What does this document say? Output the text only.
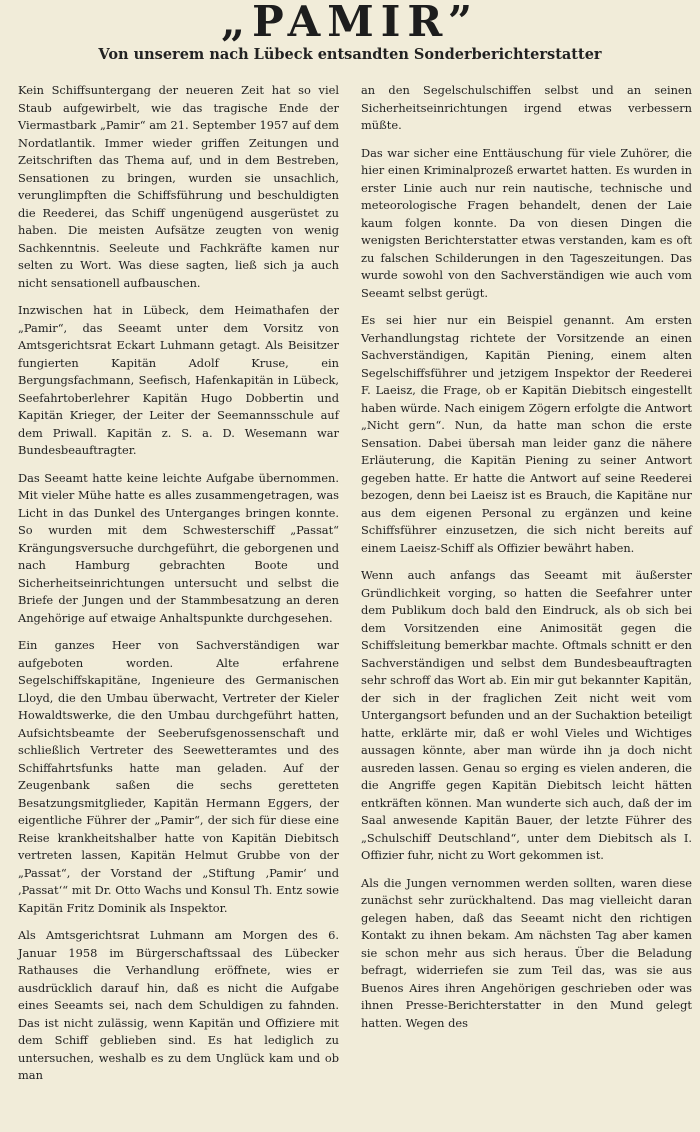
„PAMIR”
Von unserem nach Lübeck entsandten Sonderberichterstatter

Kein Schiffsuntergang der neueren Zeit hat so viel Staub aufgewirbelt, wie das tragische Ende der Viermastbark „Pamir“ am 21. September 1957 auf dem Nordatlantik. Immer wieder griffen Zeitungen und Zeitschriften das Thema auf, und in dem Bestreben, Sensationen zu bringen, wurden sie unsachlich, verunglimpften die Schiffsführung und beschuldigten die Reederei, das Schiff ungenügend ausgerüstet zu haben. Die meisten Aufsätze zeugten von wenig Sachkenntnis. Seeleute und Fachkräfte kamen nur selten zu Wort. Was diese sagten, ließ sich ja auch nicht sensationell aufbauschen.

Inzwischen hat in Lübeck, dem Heimathafen der „Pamir“, das Seeamt unter dem Vorsitz von Amtsgerichtsrat Eckart Luhmann getagt. Als Beisitzer fungierten Kapitän Adolf Kruse, ein Bergungsfachmann, Seefisch, Hafenkapitän in Lübeck, Seefahrtoberlehrer Kapitän Hugo Dobbertin und Kapitän Krieger, der Leiter der Seemannsschule auf dem Priwall. Kapitän z. S. a. D. Wesemann war Bundesbeauftragter.

Das Seeamt hatte keine leichte Aufgabe übernommen. Mit vieler Mühe hatte es alles zusammengetragen, was Licht in das Dunkel des Unterganges bringen konnte. So wurden mit dem Schwesterschiff „Passat“ Krängungsversuche durchgeführt, die geborgenen und nach Hamburg gebrachten Boote und Sicherheitseinrichtungen untersucht und selbst die Briefe der Jungen und der Stammbesatzung an deren Angehörige auf etwaige Anhaltspunkte durchgesehen.

Ein ganzes Heer von Sachverständigen war aufgeboten worden. Alte erfahrene Segelschiffskapitäne, Ingenieure des Germanischen Lloyd, die den Umbau überwacht, Vertreter der Kieler Howaldtswerke, die den Umbau durchgeführt hatten, Aufsichtsbeamte der Seeberufsgenossenschaft und schließlich Vertreter des Seewetteramtes und des Schiffahrtsfunks hatte man geladen. Auf der Zeugenbank saßen die sechs geretteten Besatzungsmitglieder, Kapitän Hermann Eggers, der eigentliche Führer der „Pamir“, der sich für diese eine Reise krankheitshalber hatte von Kapitän Diebitsch vertreten lassen, Kapitän Helmut Grubbe von der „Passat“, der Vorstand der „Stiftung ‚Pamir‘ und ‚Passat‘“ mit Dr. Otto Wachs und Konsul Th. Entz sowie Kapitän Fritz Dominik als Inspektor.

Als Amtsgerichtsrat Luhmann am Morgen des 6. Januar 1958 im Bürgerschaftssaal des Lübecker Rathauses die Verhandlung eröffnete, wies er ausdrücklich darauf hin, daß es nicht die Aufgabe eines Seeamts sei, nach dem Schuldigen zu fahnden. Das ist nicht zulässig, wenn Kapitän und Offiziere mit dem Schiff geblieben sind. Es hat lediglich zu untersuchen, weshalb es zu dem Unglück kam und ob man

an den Segelschulschiffen selbst und an seinen Sicherheitseinrichtungen irgend etwas verbessern müßte.

Das war sicher eine Enttäuschung für viele Zuhörer, die hier einen Kriminalprozeß erwartet hatten. Es wurden in erster Linie auch nur rein nautische, technische und meteorologische Fragen behandelt, denen der Laie kaum folgen konnte. Da von diesen Dingen die wenigsten Berichterstatter etwas verstanden, kam es oft zu falschen Schilderungen in den Tageszeitungen. Das wurde sowohl von den Sachverständigen wie auch vom Seeamt selbst gerügt.

Es sei hier nur ein Beispiel genannt. Am ersten Verhandlungstag richtete der Vorsitzende an einen Sachverständigen, Kapitän Piening, einem alten Segelschiffsführer und jetzigem Inspektor der Reederei F. Laeisz, die Frage, ob er Kapitän Diebitsch eingestellt haben würde. Nach einigem Zögern erfolgte die Antwort „Nicht gern“. Nun, da hatte man schon die erste Sensation. Dabei übersah man leider ganz die nähere Erläuterung, die Kapitän Piening zu seiner Antwort gegeben hatte. Er hatte die Antwort auf seine Reederei bezogen, denn bei Laeisz ist es Brauch, die Kapitäne nur aus dem eigenen Personal zu ergänzen und keine Schiffsführer einzusetzen, die sich nicht bereits auf einem Laeisz-Schiff als Offizier bewährt haben.

Wenn auch anfangs das Seeamt mit äußerster Gründlichkeit vorging, so hatten die Seefahrer unter dem Publikum doch bald den Eindruck, als ob sich bei dem Vorsitzenden eine Animosität gegen die Schiffsleitung bemerkbar machte. Oftmals schnitt er den Sachverständigen und selbst dem Bundesbeauftragten sehr schroff das Wort ab. Ein mir gut bekannter Kapitän, der sich in der fraglichen Zeit nicht weit vom Untergangsort befunden und an der Suchaktion beteiligt hatte, erklärte mir, daß er wohl Vieles und Wichtiges aussagen könnte, aber man würde ihn ja doch nicht ausreden lassen. Genau so erging es vielen anderen, die die Angriffe gegen Kapitän Diebitsch leicht hätten entkräften können. Man wunderte sich auch, daß der im Saal anwesende Kapitän Bauer, der letzte Führer des „Schulschiff Deutschland“, unter dem Diebitsch als I. Offizier fuhr, nicht zu Wort gekommen ist.

Als die Jungen vernommen werden sollten, waren diese zunächst sehr zurückhaltend. Das mag vielleicht daran gelegen haben, daß das Seeamt nicht den richtigen Kontakt zu ihnen bekam. Am nächsten Tag aber kamen sie schon mehr aus sich heraus. Über die Beladung befragt, widerriefen sie zum Teil das, was sie aus Buenos Aires ihren Angehörigen geschrieben oder was ihnen Presse-Berichterstatter in den Mund gelegt hatten. Wegen des
